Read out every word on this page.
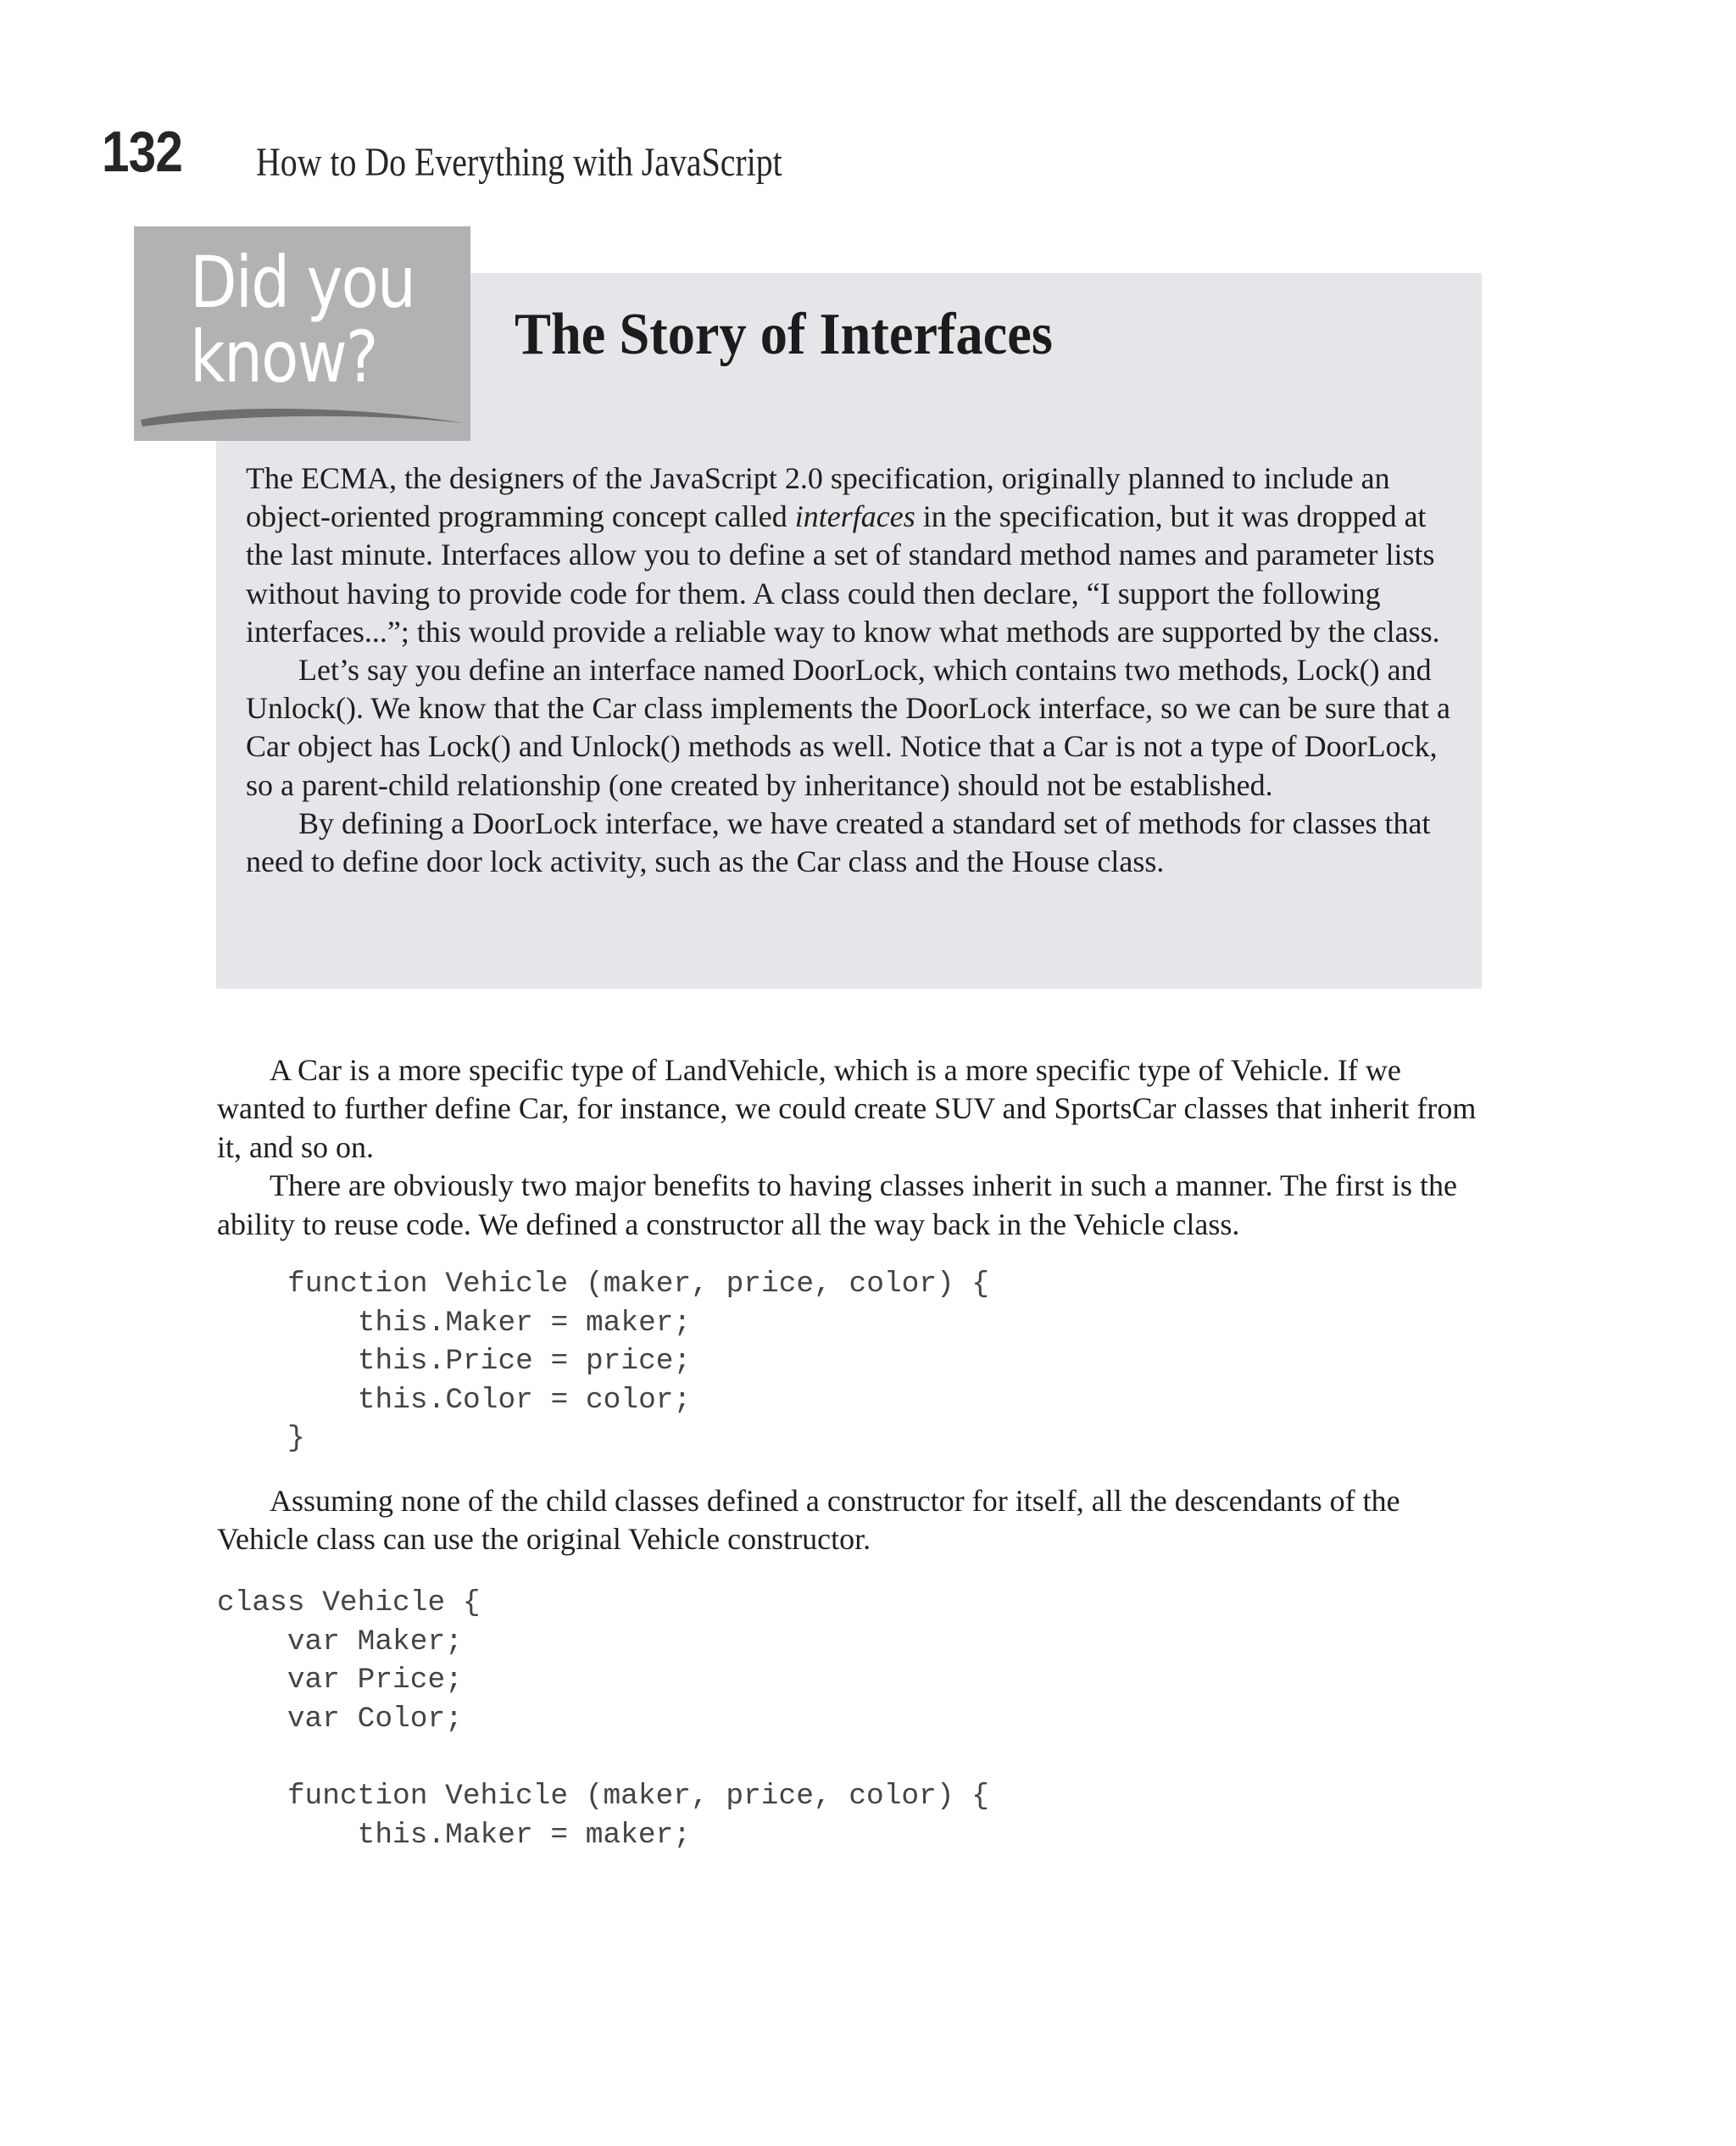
132 How to Do Everything with JavaScript
Did you
know?	The Story of Interfaces

The ECMA, the designers of the JavaScript 2.0 specification, originally planned to include an object-oriented programming concept called interfaces in the specification, but it was dropped at the last minute. Interfaces allow you to define a set of standard method names and parameter lists without having to provide code for them. A class could then declare, “I support the following interfaces...”; this would provide a reliable way to know what methods are supported by the class.

Let’s say you define an interface named DoorLock, which contains two methods, Lock() and Unlock(). We know that the Car class implements the DoorLock interface, so we can be sure that a Car object has Lock() and Unlock() methods as well. Notice that a Car is not a type of DoorLock, so a parent-child relationship (one created by inheritance) should not be established.

By defining a DoorLock interface, we have created a standard set of methods for classes that need to define door lock activity, such as the Car class and the House class.

A Car is a more specific type of LandVehicle, which is a more specific type of Vehicle. If we wanted to further define Car, for instance, we could create SUV and SportsCar classes that inherit from it, and so on.

There are obviously two major benefits to having classes inherit in such a manner. The first is the ability to reuse code. We defined a constructor all the way back in the Vehicle class.

function Vehicle (maker, price, color) {
this.Maker = maker;
this.Price = price;
this.Color = color;
}

Assuming none of the child classes defined a constructor for itself, all the descendants of the Vehicle class can use the original Vehicle constructor.

class Vehicle {
var Maker;
var Price;
var Color;

function Vehicle (maker, price, color) {
this.Maker = maker;
